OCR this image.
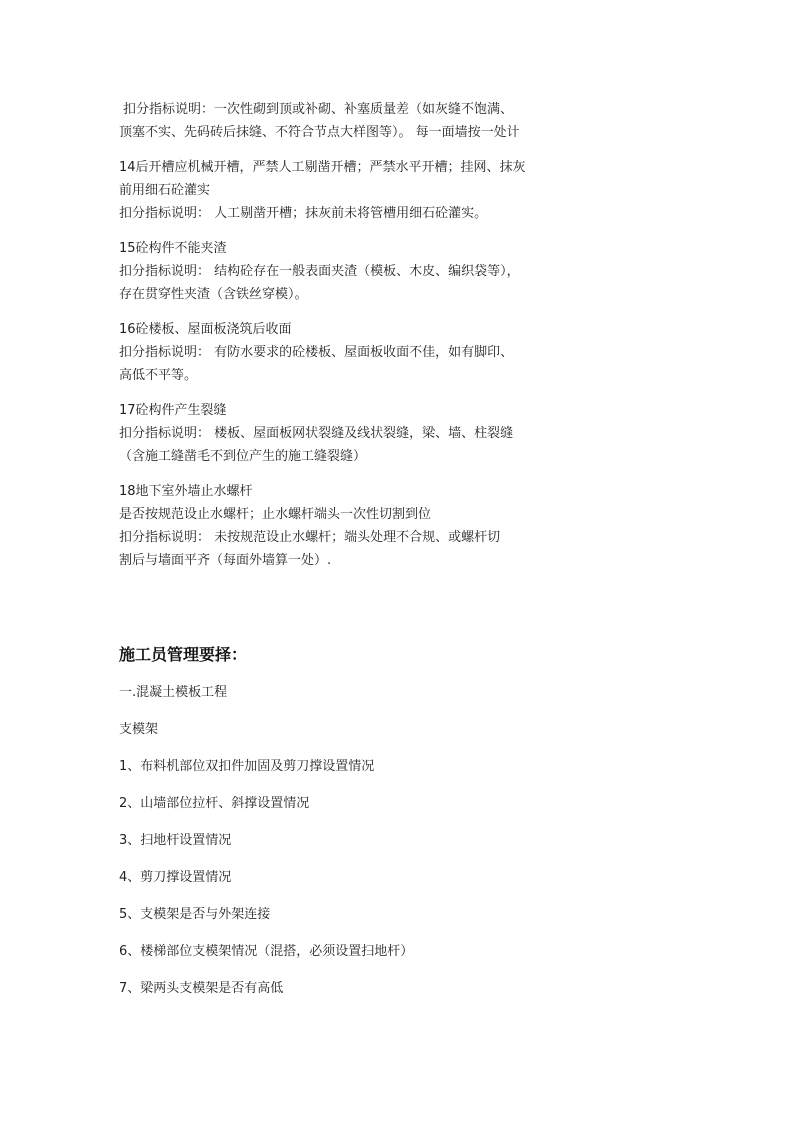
扣分指标说明：一次性砌到顶或补砌、补塞质量差（如灰缝不饱满、
顶塞不实、先码砖后抹缝、不符合节点大样图等）。 每一面墙按一处计
14后开槽应机械开槽，严禁人工剔凿开槽；严禁水平开槽；挂网、抹灰
前用细石砼灌实
扣分指标说明： 人工剔凿开槽；抹灰前未将管槽用细石砼灌实。
15砼构件不能夹渣
扣分指标说明： 结构砼存在一般表面夹渣（模板、木皮、编织袋等），
存在贯穿性夹渣（含铁丝穿模）。
16砼楼板、屋面板浇筑后收面
扣分指标说明： 有防水要求的砼楼板、屋面板收面不佳，如有脚印、
高低不平等。
17砼构件产生裂缝
扣分指标说明： 楼板、屋面板网状裂缝及线状裂缝，梁、墙、柱裂缝
（含施工缝凿毛不到位产生的施工缝裂缝）
18地下室外墙止水螺杆
是否按规范设止水螺杆；止水螺杆端头一次性切割到位
扣分指标说明： 未按规范设止水螺杆；端头处理不合规、或螺杆切
割后与墙面平齐（每面外墙算一处）.
施工员管理要择：
一.混凝土模板工程
支模架
1、布料机部位双扣件加固及剪刀撑设置情况
2、山墙部位拉杆、斜撑设置情况
3、扫地杆设置情况
4、剪刀撑设置情况
5、支模架是否与外架连接
6、楼梯部位支模架情况（混搭，必须设置扫地杆）
7、梁两头支模架是否有高低
